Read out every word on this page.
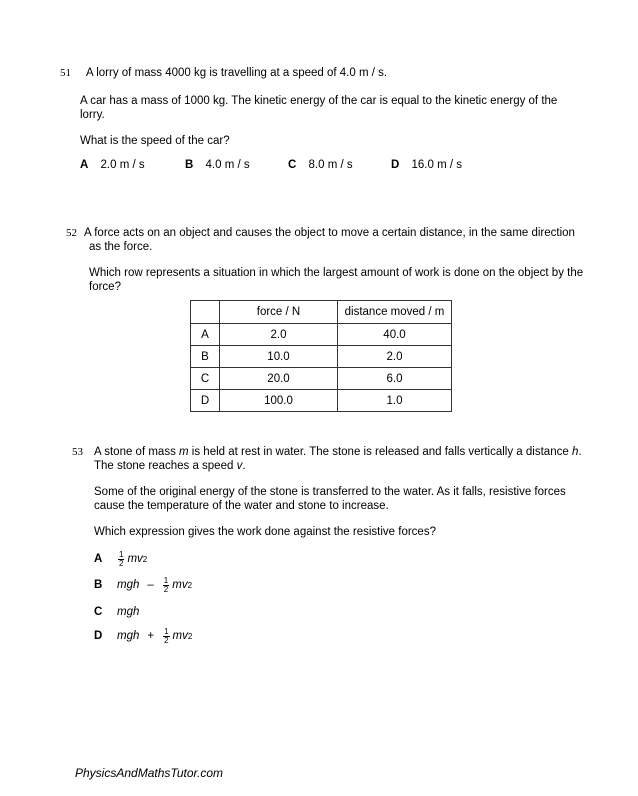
51 A lorry of mass 4000 kg is travelling at a speed of 4.0 m / s.
A car has a mass of 1000 kg. The kinetic energy of the car is equal to the kinetic energy of the
lorry.
What is the speed of the car?
A 2.0 m / s	B 4.0 m / s	C 8.0 m / s	D 16.0 m / s
52 A force acts on an object and causes the object to move a certain distance, in the same direction
as the force.
Which row represents a situation in which the largest amount of work is done on the object by the
force?
	force / N	distance moved / m
A	2.0	40.0
B	10.0	2.0
C	20.0	6.0
D	100.0	1.0
53 A stone of mass m is held at rest in water. The stone is released and falls vertically a distance h.
The stone reaches a speed v.
Some of the original energy of the stone is transferred to the water. As it falls, resistive forces
cause the temperature of the water and stone to increase.
Which expression gives the work done against the resistive forces?
A	$\frac{1}{2}$ mv 2
B	mgh – $\frac{1}{2}$ mv 2
C	mgh
D	mgh + $\frac{1}{2}$ mv 2
PhysicsAndMathsTutor.com
